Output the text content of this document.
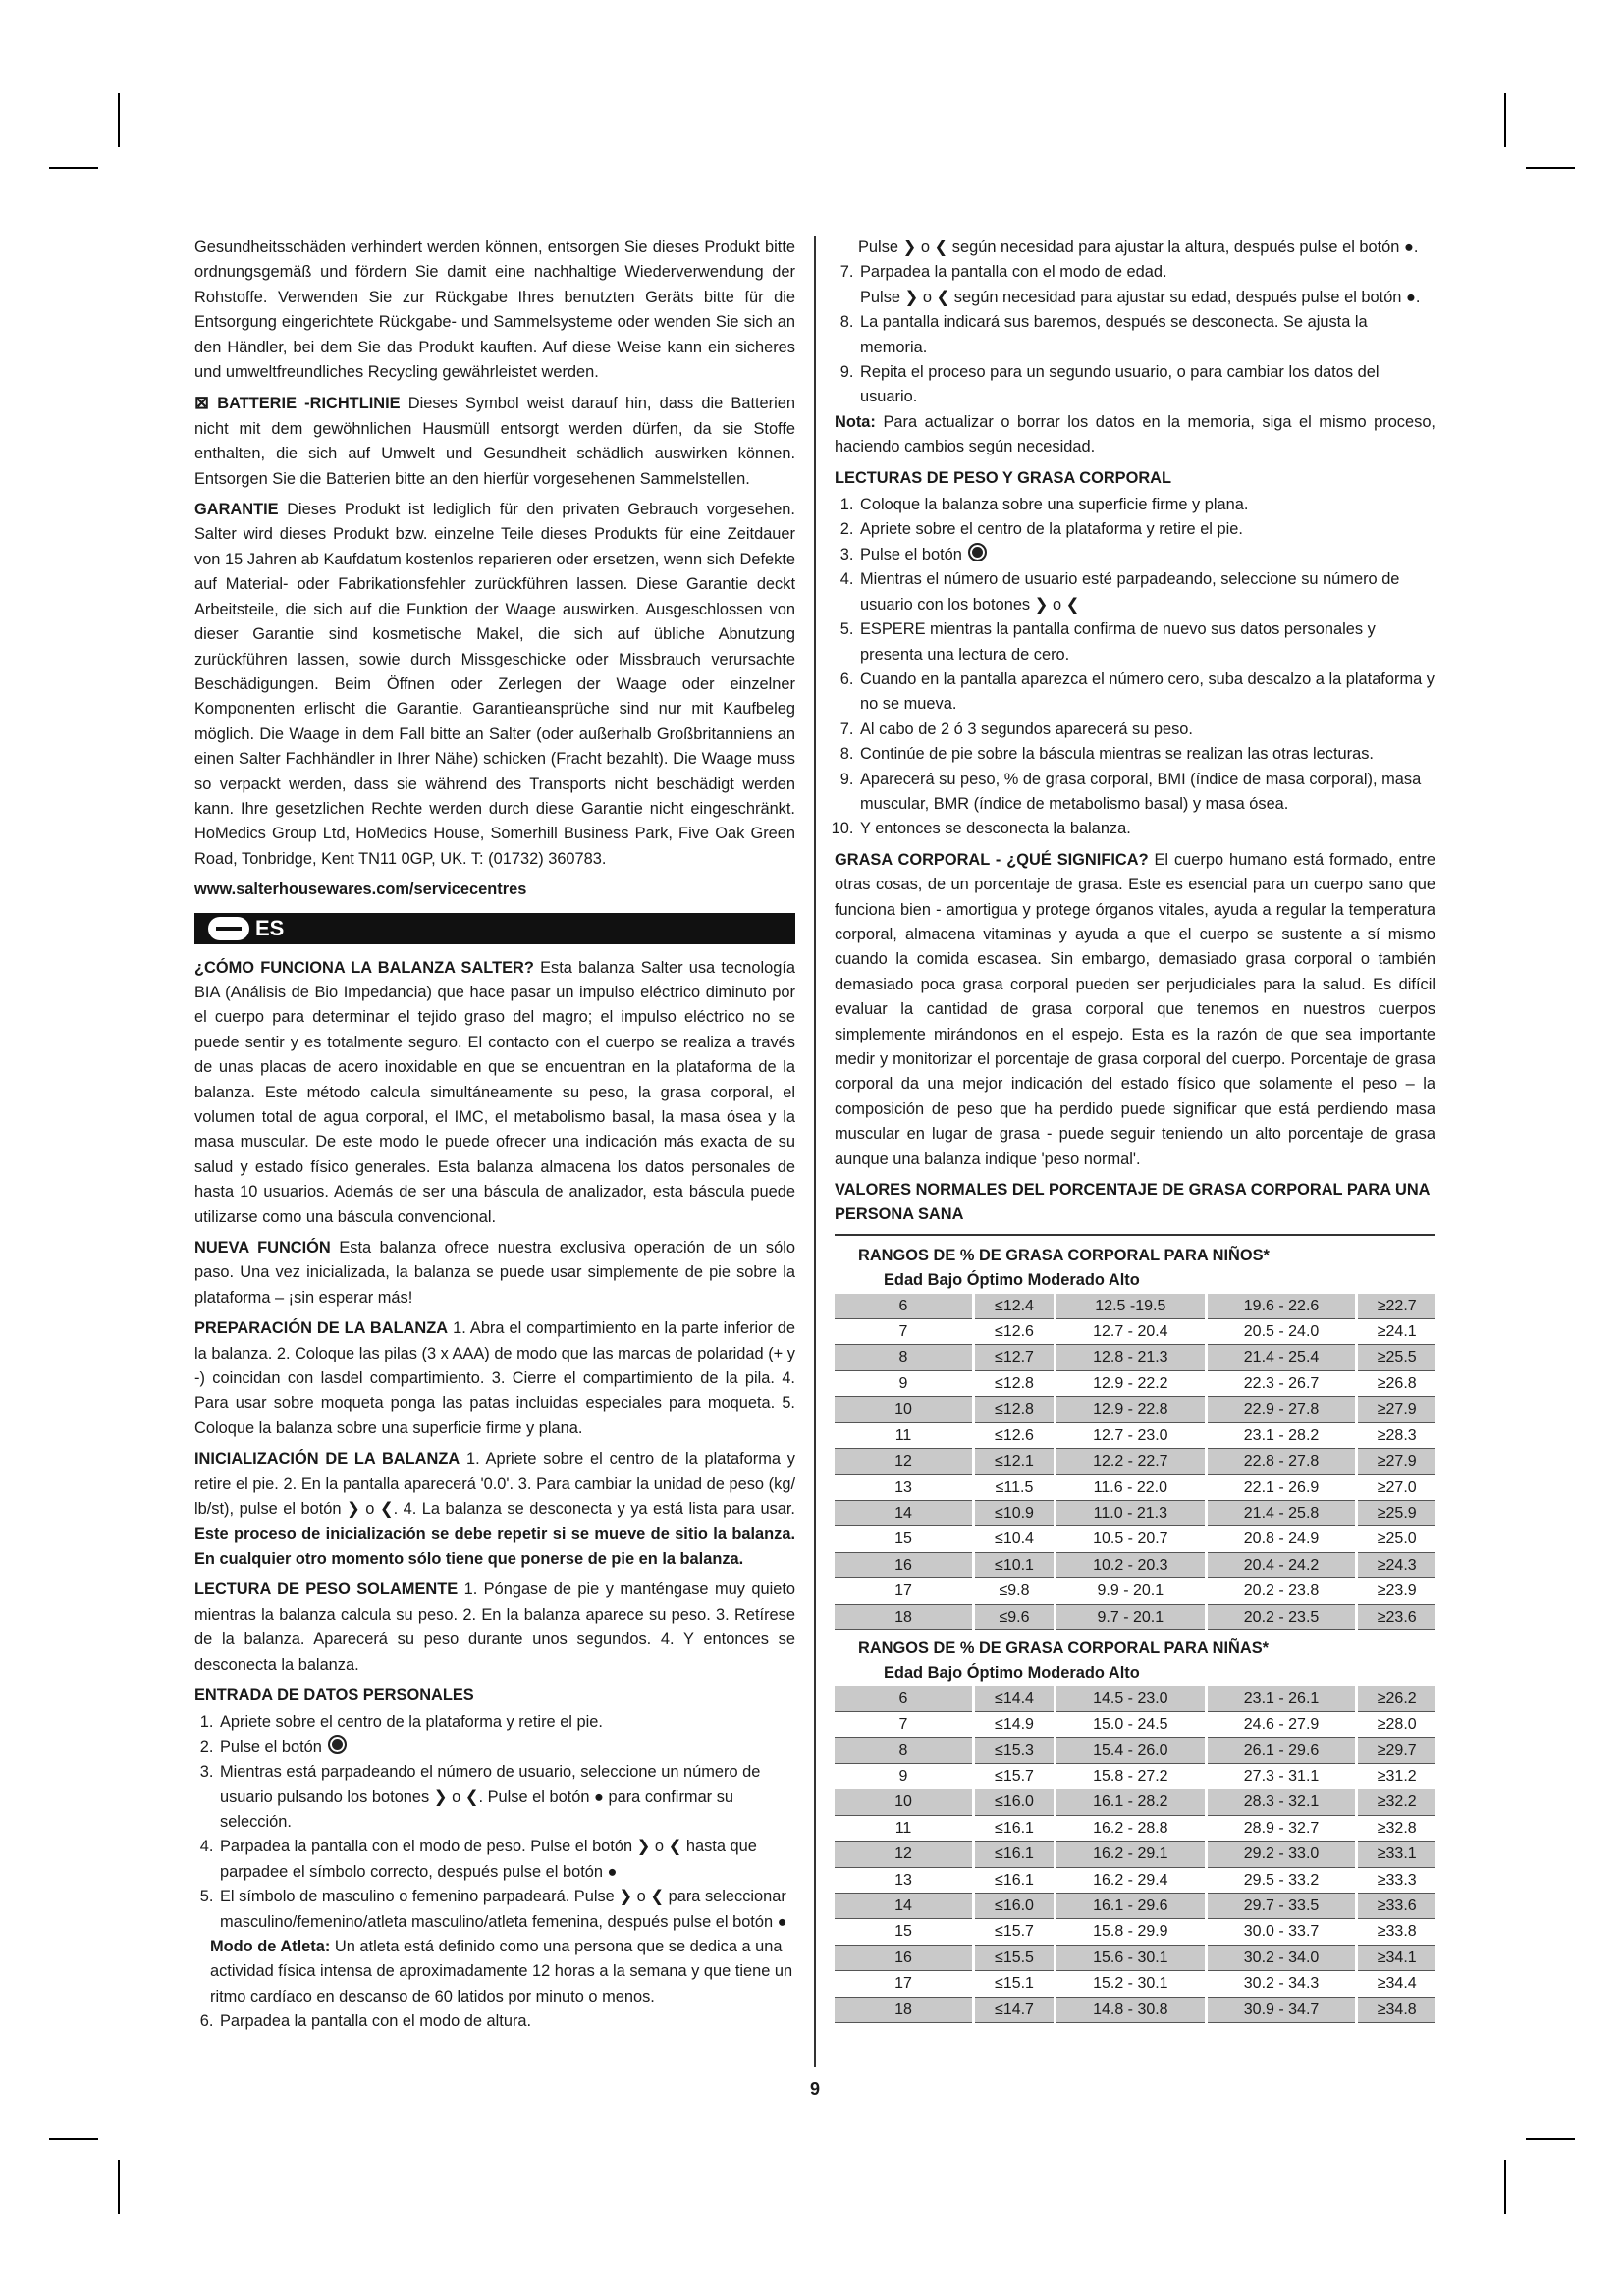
Gesundheitsschäden verhindert werden können, entsorgen Sie dieses Produkt bitte ordnungsgemäß und fördern Sie damit eine nachhaltige Wiederverwendung der Rohstoffe. Verwenden Sie zur Rückgabe Ihres benutzten Geräts bitte für die Entsorgung eingerichtete Rückgabe- und Sammelsysteme oder wenden Sie sich an den Händler, bei dem Sie das Produkt kauften. Auf diese Weise kann ein sicheres und umweltfreundliches Recycling gewährleistet werden.

⊠ BATTERIE -RICHTLINIE Dieses Symbol weist darauf hin, dass die Batterien nicht mit dem gewöhnlichen Hausmüll entsorgt werden dürfen, da sie Stoffe enthalten, die sich auf Umwelt und Gesundheit schädlich auswirken können. Entsorgen Sie die Batterien bitte an den hierfür vorgesehenen Sammelstellen.

GARANTIE Dieses Produkt ist lediglich für den privaten Gebrauch vorgesehen. Salter wird dieses Produkt bzw. einzelne Teile dieses Produkts für eine Zeitdauer von 15 Jahren ab Kaufdatum kostenlos reparieren oder ersetzen, wenn sich Defekte auf Material- oder Fabrikationsfehler zurückführen lassen. Diese Garantie deckt Arbeitsteile, die sich auf die Funktion der Waage auswirken. Ausgeschlossen von dieser Garantie sind kosmetische Makel, die sich auf übliche Abnutzung zurückführen lassen, sowie durch Missgeschicke oder Missbrauch verursachte Beschädigungen. Beim Öffnen oder Zerlegen der Waage oder einzelner Komponenten erlischt die Garantie. Garantieansprüche sind nur mit Kaufbeleg möglich. Die Waage in dem Fall bitte an Salter (oder außerhalb Großbritanniens an einen Salter Fachhändler in Ihrer Nähe) schicken (Fracht bezahlt). Die Waage muss so verpackt werden, dass sie während des Transports nicht beschädigt werden kann. Ihre gesetzlichen Rechte werden durch diese Garantie nicht eingeschränkt. HoMedics Group Ltd, HoMedics House, Somerhill Business Park, Five Oak Green Road, Tonbridge, Kent TN11 0GP, UK. T: (01732) 360783.

www.salterhousewares.com/servicecentres

ES

¿CÓMO FUNCIONA LA BALANZA SALTER? Esta balanza Salter usa tecnología BIA (Análisis de Bio Impedancia) que hace pasar un impulso eléctrico diminuto por el cuerpo para determinar el tejido graso del magro; el impulso eléctrico no se puede sentir y es totalmente seguro. El contacto con el cuerpo se realiza a través de unas placas de acero inoxidable en que se encuentran en la plataforma de la balanza. Este método calcula simultáneamente su peso, la grasa corporal, el volumen total de agua corporal, el IMC, el metabolismo basal, la masa ósea y la masa muscular. De este modo le puede ofrecer una indicación más exacta de su salud y estado físico generales. Esta balanza almacena los datos personales de hasta 10 usuarios. Además de ser una báscula de analizador, esta báscula puede utilizarse como una báscula convencional.

NUEVA FUNCIÓN Esta balanza ofrece nuestra exclusiva operación de un sólo paso. Una vez inicializada, la balanza se puede usar simplemente de pie sobre la plataforma – ¡sin esperar más!

PREPARACIÓN DE LA BALANZA 1. Abra el compartimiento en la parte inferior de la balanza. 2. Coloque las pilas (3 x AAA) de modo que las marcas de polaridad (+ y -) coincidan con lasdel compartimiento. 3. Cierre el compartimiento de la pila. 4. Para usar sobre moqueta ponga las patas incluidas especiales para moqueta. 5. Coloque la balanza sobre una superficie firme y plana.

INICIALIZACIÓN DE LA BALANZA 1. Apriete sobre el centro de la plataforma y retire el pie. 2. En la pantalla aparecerá '0.0'. 3. Para cambiar la unidad de peso (kg/ lb/st), pulse el botón ❯ o ❮. 4. La balanza se desconecta y ya está lista para usar. Este proceso de inicialización se debe repetir si se mueve de sitio la balanza. En cualquier otro momento sólo tiene que ponerse de pie en la balanza.

LECTURA DE PESO SOLAMENTE 1. Póngase de pie y manténgase muy quieto mientras la balanza calcula su peso. 2. En la balanza aparece su peso. 3. Retírese de la balanza. Aparecerá su peso durante unos segundos. 4. Y entonces se desconecta la balanza.

ENTRADA DE DATOS PERSONALES
1. Apriete sobre el centro de la plataforma y retire el pie.
2. Pulse el botón
3. Mientras está parpadeando el número de usuario, seleccione un número de usuario pulsando los botones ❯ o ❮. Pulse el botón ● para confirmar su selección.
4. Parpadea la pantalla con el modo de peso. Pulse el botón ❯ o ❮ hasta que parpadee el símbolo correcto, después pulse el botón ●
5. El símbolo de masculino o femenino parpadeará. Pulse ❯ o ❮ para seleccionar masculino/femenino/atleta masculino/atleta femenina, después pulse el botón ●
Modo de Atleta: Un atleta está definido como una persona que se dedica a una actividad física intensa de aproximadamente 12 horas a la semana y que tiene un ritmo cardíaco en descanso de 60 latidos por minuto o menos.
6. Parpadea la pantalla con el modo de altura.
Pulse ❯ o ❮ según necesidad para ajustar la altura, después pulse el botón ●.
7. Parpadea la pantalla con el modo de edad.
Pulse ❯ o ❮ según necesidad para ajustar su edad, después pulse el botón ●.
8. La pantalla indicará sus baremos, después se desconecta. Se ajusta la memoria.
9. Repita el proceso para un segundo usuario, o para cambiar los datos del usuario.

Nota: Para actualizar o borrar los datos en la memoria, siga el mismo proceso, haciendo cambios según necesidad.

LECTURAS DE PESO Y GRASA CORPORAL
1. Coloque la balanza sobre una superficie firme y plana.
2. Apriete sobre el centro de la plataforma y retire el pie.
3. Pulse el botón
4. Mientras el número de usuario esté parpadeando, seleccione su número de usuario con los botones ❯ o ❮
5. ESPERE mientras la pantalla confirma de nuevo sus datos personales y presenta una lectura de cero.
6. Cuando en la pantalla aparezca el número cero, suba descalzo a la plataforma y no se mueva.
7. Al cabo de 2 ó 3 segundos aparecerá su peso.
8. Continúe de pie sobre la báscula mientras se realizan las otras lecturas.
9. Aparecerá su peso, % de grasa corporal, BMI (índice de masa corporal), masa muscular, BMR (índice de metabolismo basal) y masa ósea.
10. Y entonces se desconecta la balanza.

GRASA CORPORAL - ¿QUÉ SIGNIFICA? El cuerpo humano está formado, entre otras cosas, de un porcentaje de grasa. Este es esencial para un cuerpo sano que funciona bien - amortigua y protege órganos vitales, ayuda a regular la temperatura corporal, almacena vitaminas y ayuda a que el cuerpo se sustente a sí mismo cuando la comida escasea. Sin embargo, demasiado grasa corporal o también demasiado poca grasa corporal pueden ser perjudiciales para la salud. Es difícil evaluar la cantidad de grasa corporal que tenemos en nuestros cuerpos simplemente mirándonos en el espejo. Esta es la razón de que sea importante medir y monitorizar el porcentaje de grasa corporal del cuerpo. Porcentaje de grasa corporal da una mejor indicación del estado físico que solamente el peso – la composición de peso que ha perdido puede significar que está perdiendo masa muscular en lugar de grasa - puede seguir teniendo un alto porcentaje de grasa aunque una balanza indique 'peso normal'.

VALORES NORMALES DEL PORCENTAJE DE GRASA CORPORAL PARA UNA PERSONA SANA
RANGOS DE % DE GRASA CORPORAL PARA NIÑOS*
Edad Bajo Óptimo Moderado Alto
6	≤12.4	12.5 -19.5	19.6 - 22.6	≥22.7
7	≤12.6	12.7 - 20.4	20.5 - 24.0	≥24.1
8	≤12.7	12.8 - 21.3	21.4 - 25.4	≥25.5
9	≤12.8	12.9 - 22.2	22.3 - 26.7	≥26.8
10	≤12.8	12.9 - 22.8	22.9 - 27.8	≥27.9
11	≤12.6	12.7 - 23.0	23.1 - 28.2	≥28.3
12	≤12.1	12.2 - 22.7	22.8 - 27.8	≥27.9
13	≤11.5	11.6 - 22.0	22.1 - 26.9	≥27.0
14	≤10.9	11.0 - 21.3	21.4 - 25.8	≥25.9
15	≤10.4	10.5 - 20.7	20.8 - 24.9	≥25.0
16	≤10.1	10.2 - 20.3	20.4 - 24.2	≥24.3
17	≤9.8	9.9 - 20.1	20.2 - 23.8	≥23.9
18	≤9.6	9.7 - 20.1	20.2 - 23.5	≥23.6
RANGOS DE % DE GRASA CORPORAL PARA NIÑAS*
Edad Bajo Óptimo Moderado Alto
6	≤14.4	14.5 - 23.0	23.1 - 26.1	≥26.2
7	≤14.9	15.0 - 24.5	24.6 - 27.9	≥28.0
8	≤15.3	15.4 - 26.0	26.1 - 29.6	≥29.7
9	≤15.7	15.8 - 27.2	27.3 - 31.1	≥31.2
10	≤16.0	16.1 - 28.2	28.3 - 32.1	≥32.2
11	≤16.1	16.2 - 28.8	28.9 - 32.7	≥32.8
12	≤16.1	16.2 - 29.1	29.2 - 33.0	≥33.1
13	≤16.1	16.2 - 29.4	29.5 - 33.2	≥33.3
14	≤16.0	16.1 - 29.6	29.7 - 33.5	≥33.6
15	≤15.7	15.8 - 29.9	30.0 - 33.7	≥33.8
16	≤15.5	15.6 - 30.1	30.2 - 34.0	≥34.1
17	≤15.1	15.2 - 30.1	30.2 - 34.3	≥34.4
18	≤14.7	14.8 - 30.8	30.9 - 34.7	≥34.8
9
